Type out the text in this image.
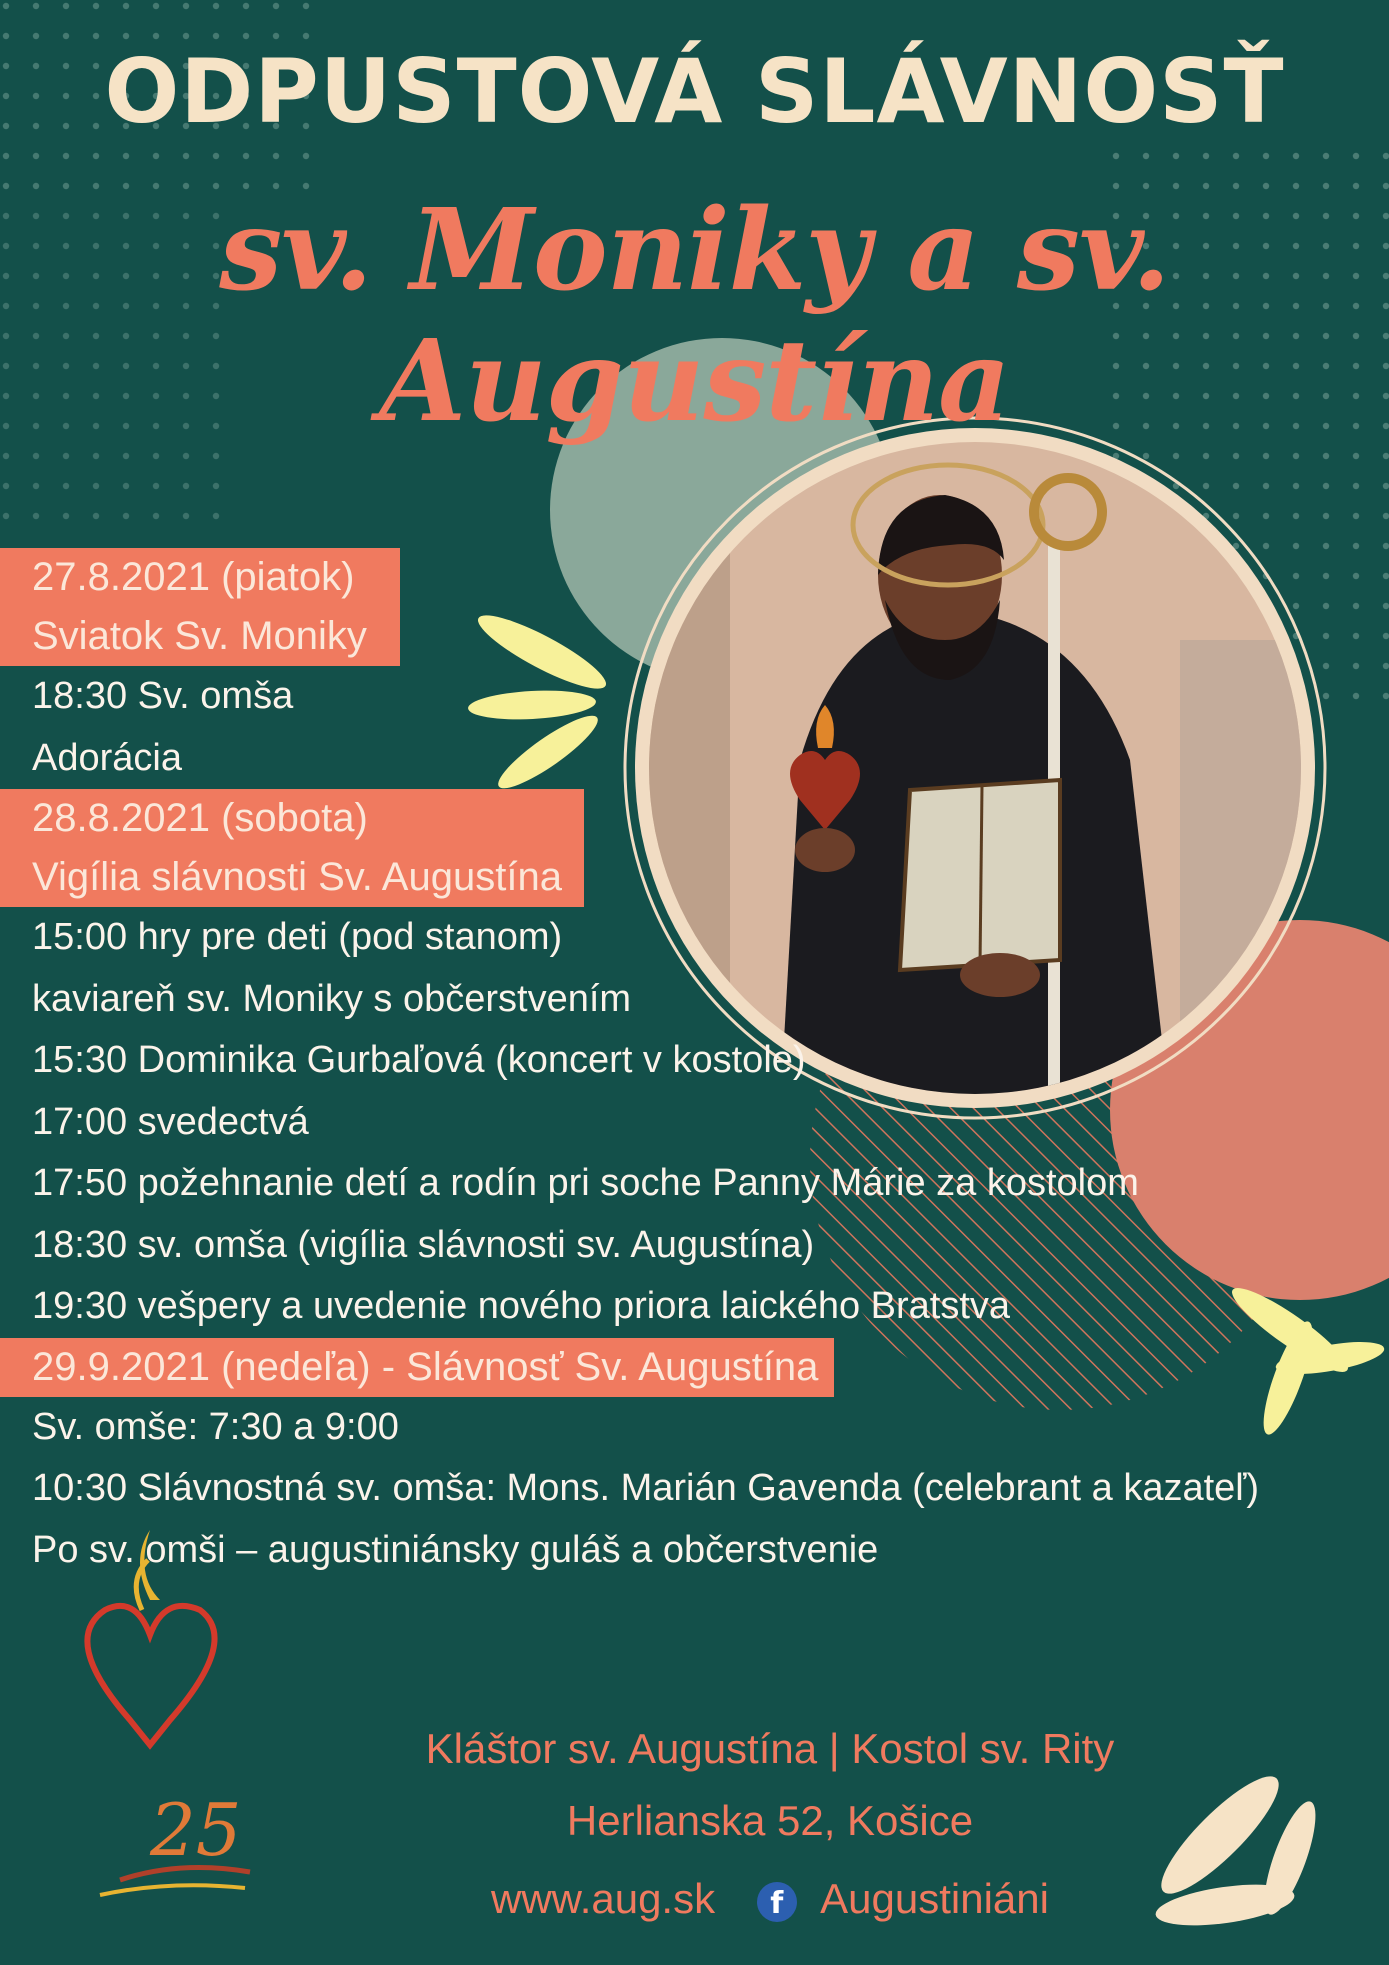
ODPUSTOVÁ SLÁVNOSŤ
sv. Moniky a sv. Augustína
27.8.2021 (piatok)
Sviatok Sv. Moniky
18:30 Sv. omša
Adorácia
28.8.2021 (sobota)
Vigília slávnosti Sv. Augustína
15:00 hry pre deti (pod stanom)
kaviareň sv. Moniky s občerstvením
15:30 Dominika Gurbaľová (koncert v kostole)
17:00 svedectvá
17:50 požehnanie detí a rodín pri soche Panny Márie za kostolom
18:30 sv. omša (vigília slávnosti sv. Augustína)
19:30 vešpery a uvedenie nového priora laického Bratstva
29.9.2021 (nedeľa) - Slávnosť Sv. Augustína
Sv. omše: 7:30 a 9:00
10:30 Slávnostná sv. omša: Mons. Marián Gavenda (celebrant a kazateľ)
Po sv. omši – augustiniánsky guláš a občerstvenie
25

Kláštor sv. Augustína | Kostol sv. Rity

Herlianska 52, Košice

www.aug.sk f Augustiniáni
